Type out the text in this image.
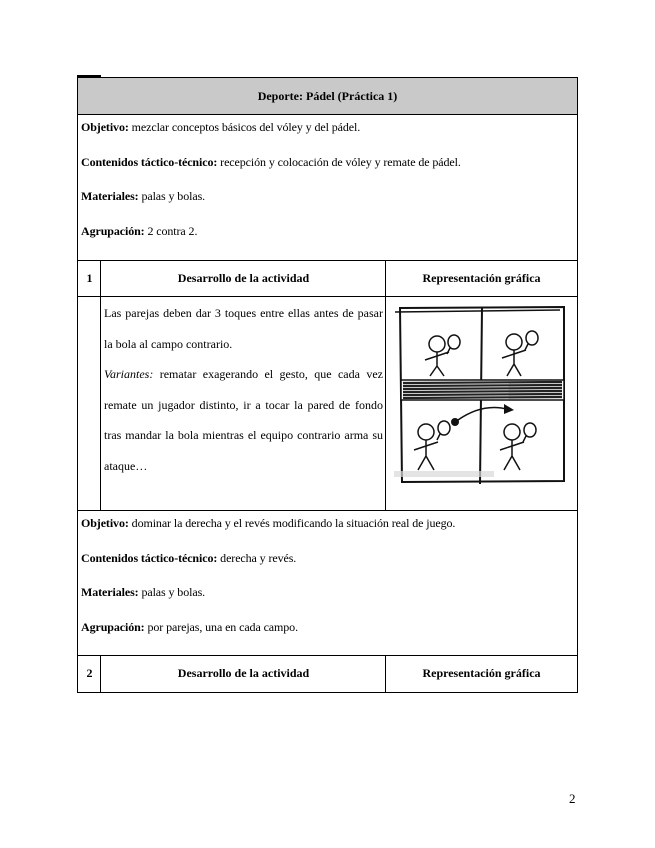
Deporte: Pádel (Práctica 1)
Objetivo: mezclar conceptos básicos del vóley y del pádel.
Contenidos táctico-técnico: recepción y colocación de vóley y remate de pádel.
Materiales: palas y bolas.
Agrupación: 2 contra 2.
1	Desarrollo de la actividad	Representación gráfica
Las parejas deben dar 3 toques entre ellas antes de pasar la bola al campo contrario.
Variantes: rematar exagerando el gesto, que cada vez remate un jugador distinto, ir a tocar la pared de fondo tras mandar la bola mientras el equipo contrario arma su ataque…
Objetivo: dominar la derecha y el revés modificando la situación real de juego.
Contenidos táctico-técnico: derecha y revés.
Materiales: palas y bolas.
Agrupación: por parejas, una en cada campo.
2	Desarrollo de la actividad	Representación gráfica
2
